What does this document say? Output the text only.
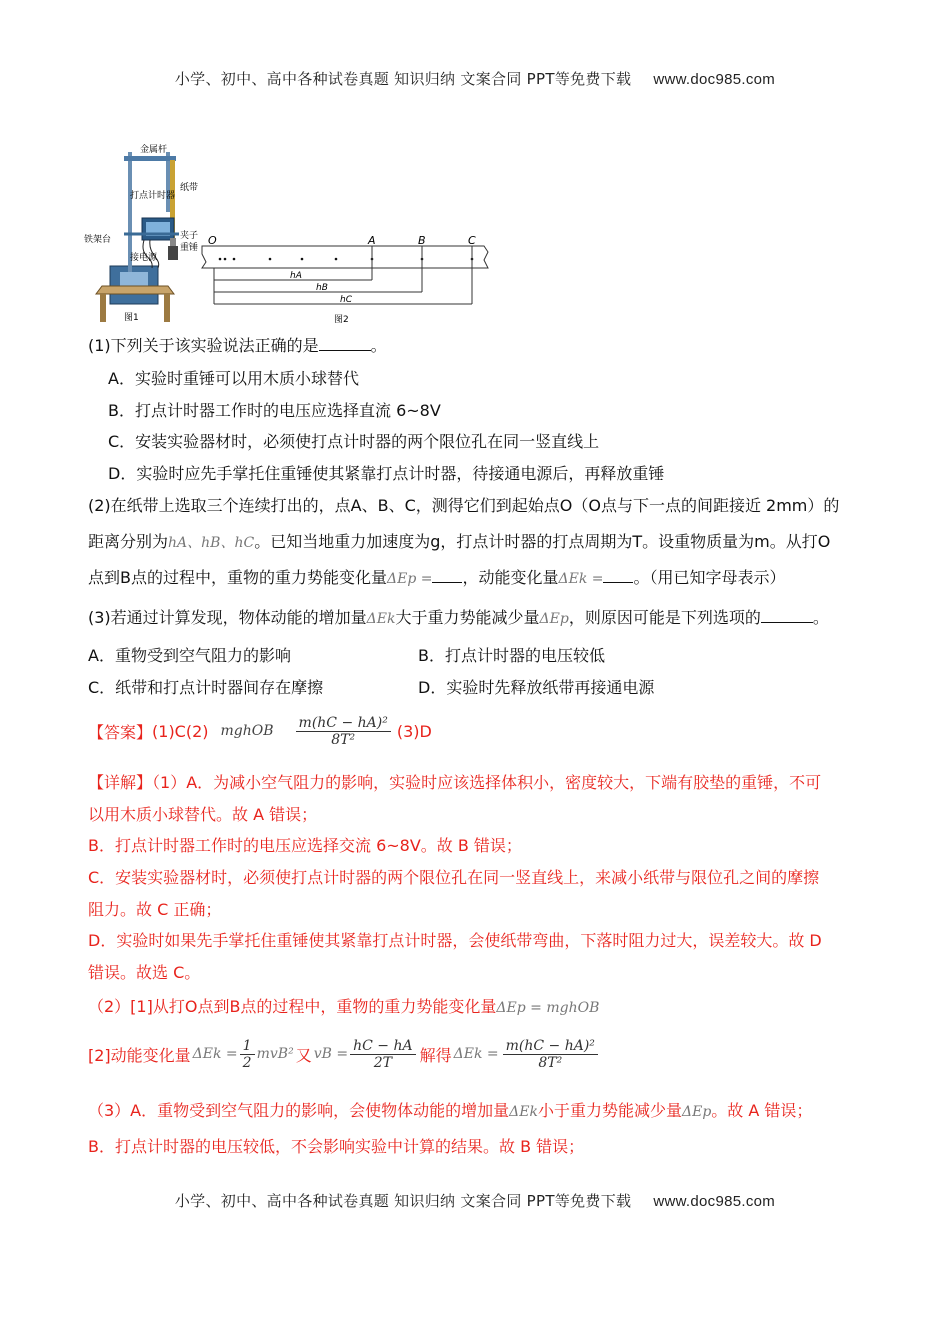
小学、初中、高中各种试卷真题 知识归纳 文案合同 PPT等免费下载 www.doc985.com
金属杆
纸带
打点计时器
铁架台	夹子
重锤
接电源
图1
O	A	B	C
hA
hB
hC
图2
(1)下列关于该实验说法正确的是	。
A．实验时重锤可以用木质小球替代
B．打点计时器工作时的电压应选择直流 6~8V
C．安装实验器材时，必须使打点计时器的两个限位孔在同一竖直线上
D．实验时应先手掌托住重锤使其紧靠打点计时器，待接通电源后，再释放重锤
(2)在纸带上选取三个连续打出的，点A、B、C，测得它们到起始点O（O点与下一点的间距接近 2mm）的
距离分别为hA、hB、hC。已知当地重力加速度为g，打点计时器的打点周期为T。设重物质量为m。从打O
点到B点的过程中，重物的重力势能变化量ΔEp = ，动能变化量ΔEk = 。（用已知字母表示）
(3)若通过计算发现，物体动能的增加量ΔEk大于重力势能减少量ΔEp，则原因可能是下列选项的	。
A．重物受到空气阻力的影响	B．打点计时器的电压较低
C．纸带和打点计时器间存在摩擦	D．实验时先释放纸带再接通电源
【答案】 (1)C(2) mghOB $\frac{\text{m(hC − hA)²}}{\text{8T²}} (3)D$
【详解】（1）A．为减小空气阻力的影响，实验时应该选择体积小，密度较大，下端有胶垫的重锤，不可
以用木质小球替代。故 A 错误；
B．打点计时器工作时的电压应选择交流 6~8V。故 B 错误；
C．安装实验器材时，必须使打点计时器的两个限位孔在同一竖直线上，来减小纸带与限位孔之间的摩擦
阻力。故 C 正确；
D．实验时如果先手掌托住重锤使其紧靠打点计时器，会使纸带弯曲，下落时阻力过大，误差较大。故 D
错误。故选 C。
（2）[1]从打O点到B点的过程中，重物的重力势能变化量ΔEp = mghOB
[2]动能变化量 $\Delta Ek = \frac{1}{2} mvB^2$ 又 vB = $\frac{hC - hA}{2T}$ 解得 $\Delta Ek = \frac{\text{m(hC − hA)²}}{\text{8T²}}$
（3）A．重物受到空气阻力的影响，会使物体动能的增加量ΔEk小于重力势能减少量ΔEp。故 A 错误；
B．打点计时器的电压较低，不会影响实验中计算的结果。故 B 错误；
小学、初中、高中各种试卷真题 知识归纳 文案合同 PPT等免费下载 www.doc985.com
